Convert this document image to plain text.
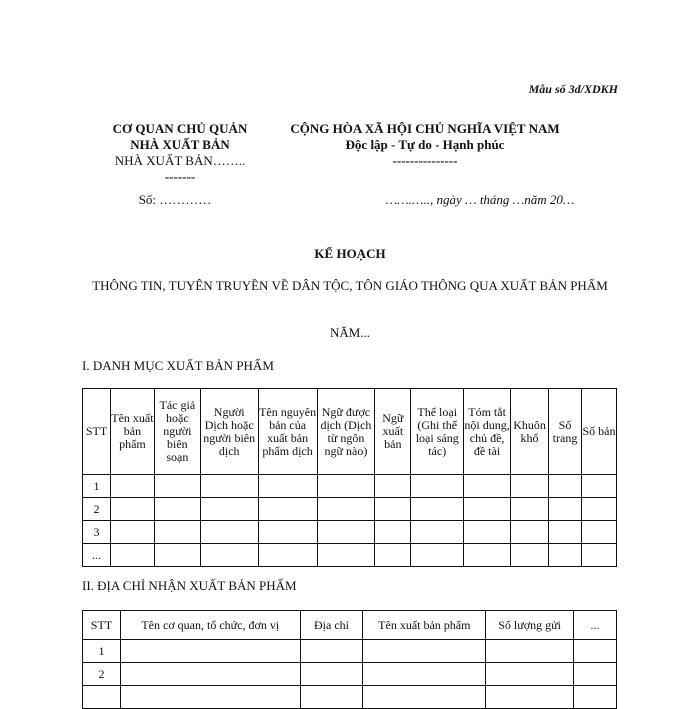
Mẫu số 3d/XDKH
CƠ QUAN CHỦ QUẢN
NHÀ XUẤT BẢN
NHÀ XUẤT BẢN……..
-------
CỘNG HÒA XÃ HỘI CHỦ NGHĨA VIỆT NAM
Độc lập - Tự do - Hạnh phúc
---------------
Số: …………	…….….., ngày … tháng …năm 20…
KẾ HOẠCH
THÔNG TIN, TUYÊN TRUYỀN VỀ DÂN TỘC, TÔN GIÁO THÔNG QUA XUẤT BẢN PHẨM
NĂM...
I. DANH MỤC XUẤT BẢN PHẨM
STT	Tên xuất bản phẩm	Tác giả hoặc người biên soạn	Người Dịch hoặc người biên dịch	Tên nguyên bản của xuất bản phẩm dịch	Ngữ được dịch (Dịch từ ngôn ngữ nào)	Ngữ xuất bản	Thể loại (Ghi thể loại sáng tác)	Tóm tắt nội dung, chủ đề, đề tài	Khuôn khổ	Số trang	Số bản
1											
2											
3											
...											
II. ĐỊA CHỈ NHẬN XUẤT BẢN PHẨM
STT	Tên cơ quan, tổ chức, đơn vị	Địa chỉ	Tên xuất bản phẩm	Số lượng gửi	...
1					
2					
